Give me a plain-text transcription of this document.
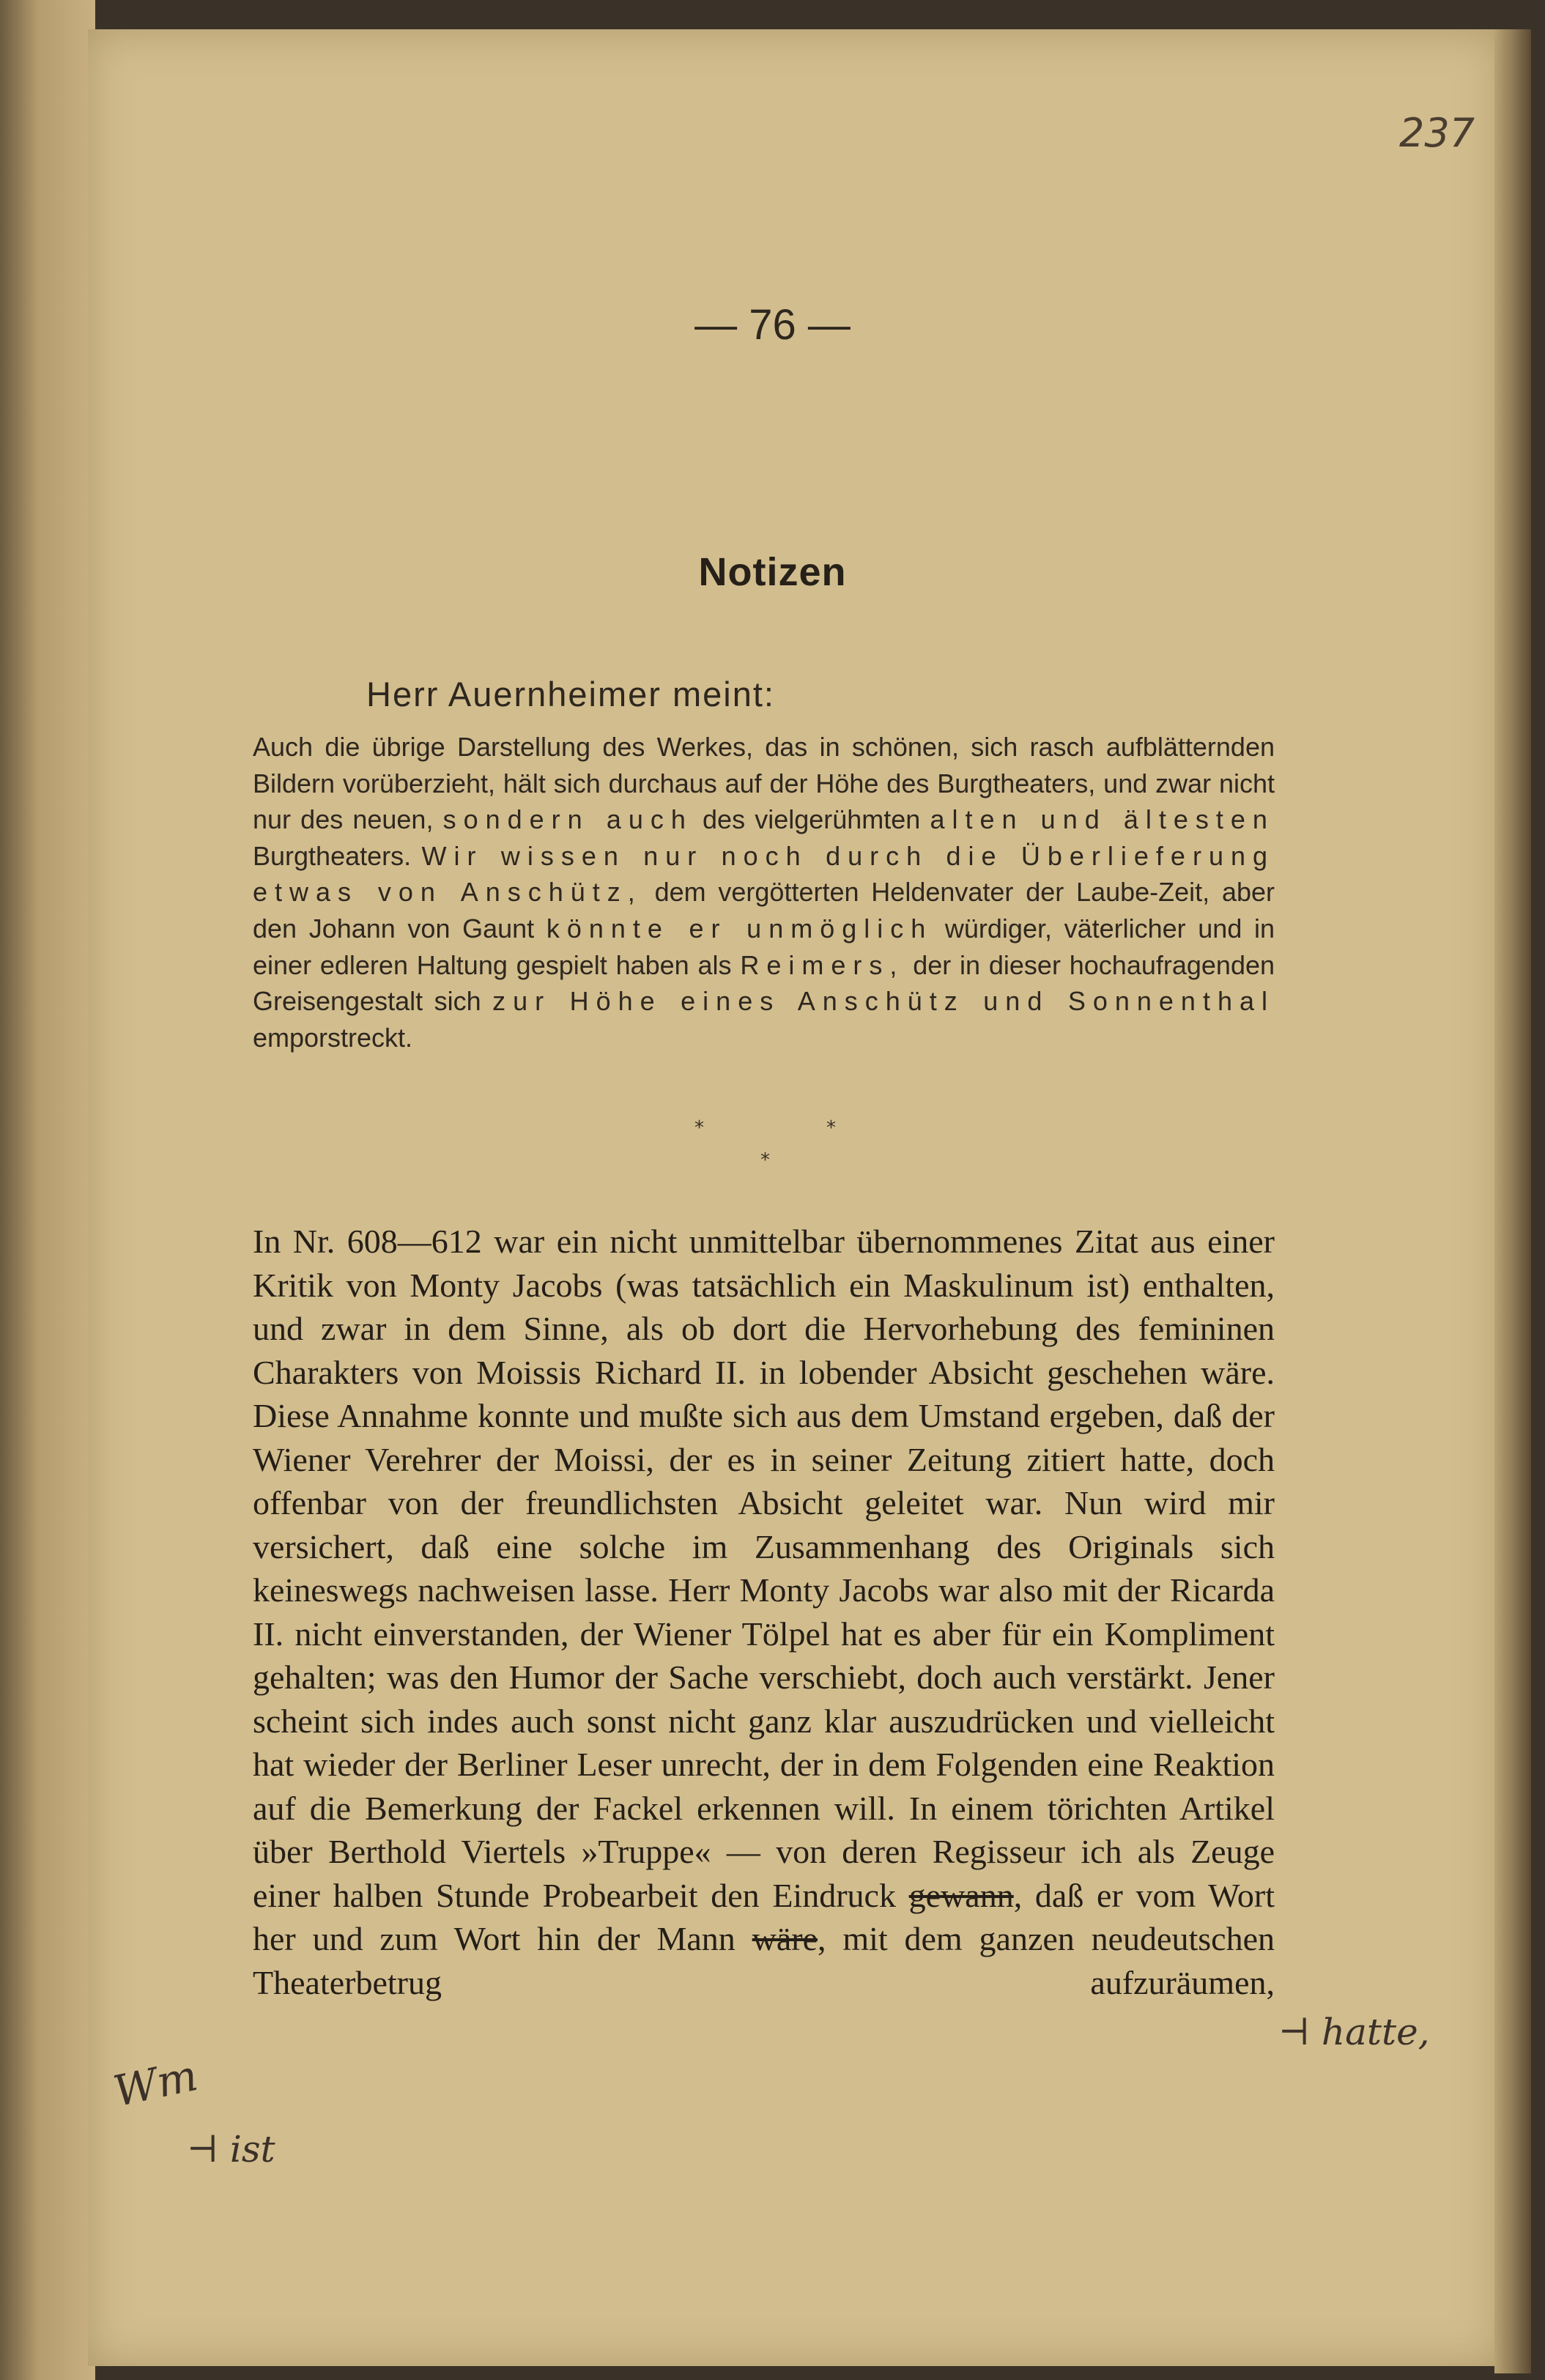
237
— 76 —
Notizen
Herr Auernheimer meint:
Auch die übrige Darstellung des Werkes, das in schönen, sich rasch aufblätternden Bildern vorüberzieht, hält sich durchaus auf der Höhe des Burgtheaters, und zwar nicht nur des neuen, sondern auch des vielgerühmten alten und ältesten Burgtheaters. Wir wissen nur noch durch die Überlieferung etwas von Anschütz, dem vergötterten Heldenvater der Laube-Zeit, aber den Johann von Gaunt könnte er unmöglich würdiger, väterlicher und in einer edleren Haltung gespielt haben als Reimers, der in dieser hochaufragenden Greisengestalt sich zur Höhe eines Anschütz und Sonnenthal emporstreckt.
*	*
*
In Nr. 608—612 war ein nicht unmittelbar übernommenes Zitat aus einer Kritik von Monty Jacobs (was tatsächlich ein Maskulinum ist) enthalten, und zwar in dem Sinne, als ob dort die Hervorhebung des femininen Charakters von Moissis Richard II. in lobender Absicht geschehen wäre. Diese Annahme konnte und mußte sich aus dem Umstand ergeben, daß der Wiener Verehrer der Moissi, der es in seiner Zeitung zitiert hatte, doch offenbar von der freundlichsten Absicht geleitet war. Nun wird mir versichert, daß eine solche im Zusammenhang des Originals sich keineswegs nachweisen lasse. Herr Monty Jacobs war also mit der Ricarda II. nicht einverstanden, der Wiener Tölpel hat es aber für ein Kompliment gehalten; was den Humor der Sache verschiebt, doch auch verstärkt. Jener scheint sich indes auch sonst nicht ganz klar auszudrücken und vielleicht hat wieder der Berliner Leser unrecht, der in dem Folgenden eine Reaktion auf die Bemerkung der Fackel erkennen will. In einem törichten Artikel über Berthold Viertels »Truppe« — von deren Regisseur ich als Zeuge einer halben Stunde Probearbeit den Eindruck gewann, daß er vom Wort her und zum Wort hin der Mann wäre, mit dem ganzen neudeutschen Theaterbetrug aufzuräumen,
⊣ hatte,
Wm
⊣ ist
